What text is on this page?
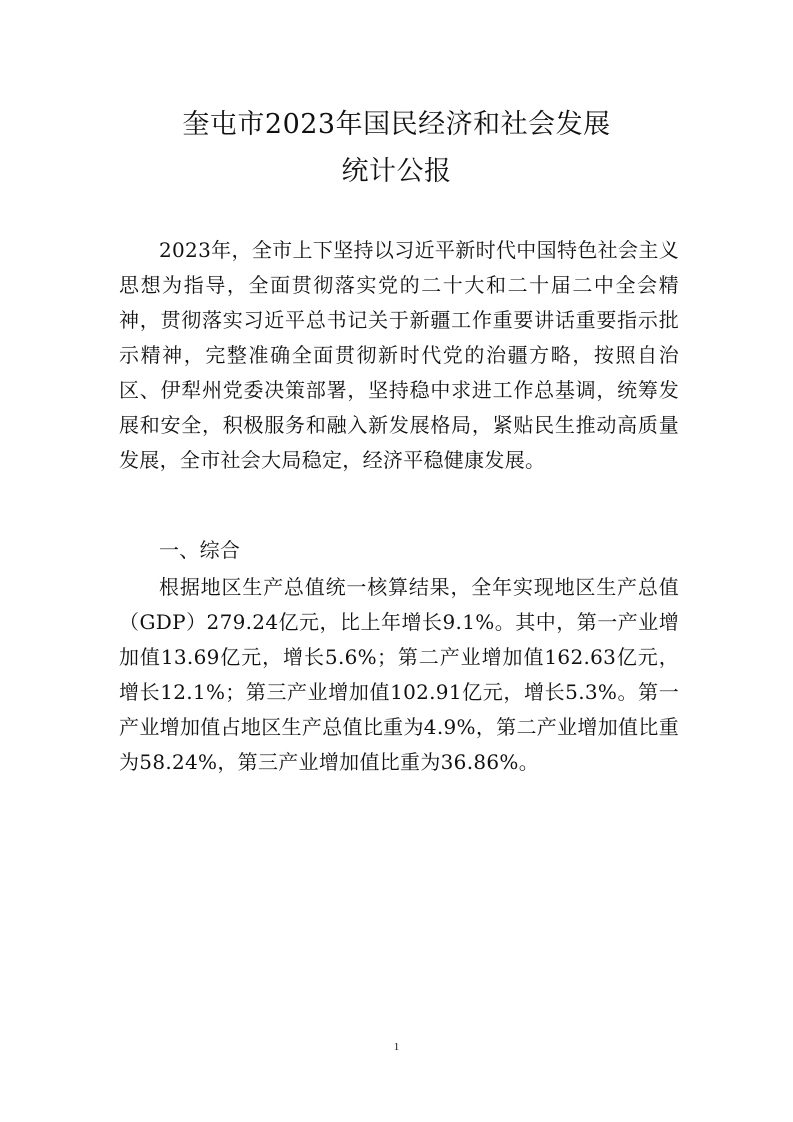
奎屯市2023年国民经济和社会发展
统计公报

2023年，全市上下坚持以习近平新时代中国特色社会主义思想为指导，全面贯彻落实党的二十大和二十届二中全会精神，贯彻落实习近平总书记关于新疆工作重要讲话重要指示批示精神，完整准确全面贯彻新时代党的治疆方略，按照自治区、伊犁州党委决策部署，坚持稳中求进工作总基调，统筹发展和安全，积极服务和融入新发展格局，紧贴民生推动高质量发展，全市社会大局稳定，经济平稳健康发展。

一、综合

根据地区生产总值统一核算结果，全年实现地区生产总值（GDP）279.24亿元，比上年增长9.1%。其中，第一产业增加值13.69亿元，增长5.6%；第二产业增加值162.63亿元，增长12.1%；第三产业增加值102.91亿元，增长5.3%。第一产业增加值占地区生产总值比重为4.9%，第二产业增加值比重为58.24%，第三产业增加值比重为36.86%。

1
